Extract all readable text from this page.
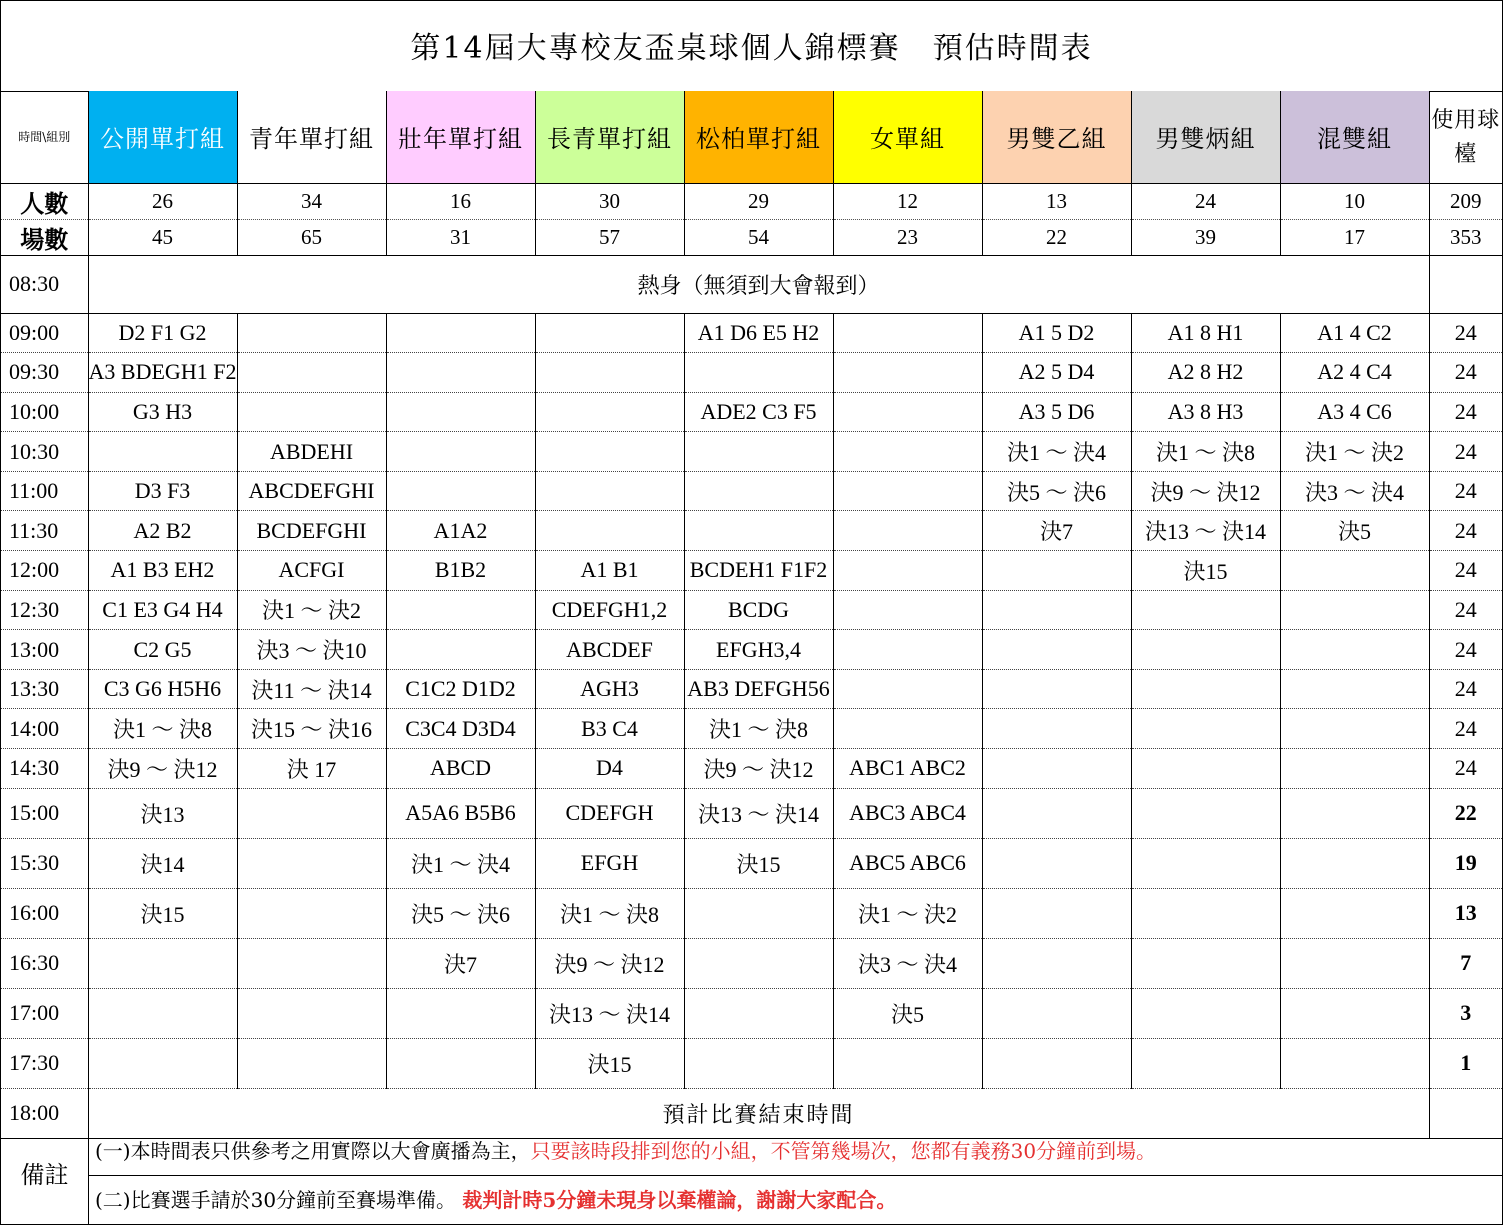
第14屆大專校友盃桌球個人錦標賽　預估時間表
時間\組別	公開單打組	青年單打組	壯年單打組	長青單打組	松柏單打組	女單組	男雙乙組	男雙炳組	混雙組	使用球檯
人數	26	34	16	30	29	12	13	24	10	209
場數	45	65	31	57	54	23	22	39	17	353
08:30	熱身（無須到大會報到）									
09:00	D2 F1 G2				A1 D6 E5 H2		A1 5 D2	A1 8 H1	A1 4 C2	24
09:30	A3 BDEGH1 F2						A2 5 D4	A2 8 H2	A2 4 C4	24
10:00	G3 H3				ADE2 C3 F5		A3 5 D6	A3 8 H3	A3 4 C6	24
10:30		ABDEHI					決1 ～ 決4	決1 ～ 決8	決1 ～ 決2	24
11:00	D3 F3	ABCDEFGHI					決5 ～ 決6	決9 ～ 決12	決3 ～ 決4	24
11:30	A2 B2	BCDEFGHI	A1A2				決7	決13 ～ 決14	決5	24
12:00	A1 B3 EH2	ACFGI	B1B2	A1 B1	BCDEH1 F1F2			決15		24
12:30	C1 E3 G4 H4	決1 ～ 決2		CDEFGH1,2	BCDG					24
13:00	C2 G5	決3 ～ 決10		ABCDEF	EFGH3,4					24
13:30	C3 G6 H5H6	決11 ～ 決14	C1C2 D1D2	AGH3	AB3 DEFGH56					24
14:00	決1 ～ 決8	決15 ～ 決16	C3C4 D3D4	B3 C4	決1 ～ 決8					24
14:30	決9 ～ 決12	決 17	ABCD	D4	決9 ～ 決12	ABC1 ABC2				24
15:00	決13		A5A6 B5B6	CDEFGH	決13 ～ 決14	ABC3 ABC4				22
15:30	決14		決1 ～ 決4	EFGH	決15	ABC5 ABC6				19
16:00	決15		決5 ～ 決6	決1 ～ 決8		決1 ～ 決2				13
16:30			決7	決9 ～ 決12		決3 ～ 決4				7
17:00				決13 ～ 決14		決5				3
17:30				決15						1
18:00	預計比賽結束時間									
備註
(一)本時間表只供參考之用實際以大會廣播為主，只要該時段排到您的小組，不管第幾場次，您都有義務30分鐘前到場。
(二)比賽選手請於30分鐘前至賽場準備。 裁判計時5分鐘未現身以棄權論，謝謝大家配合。
